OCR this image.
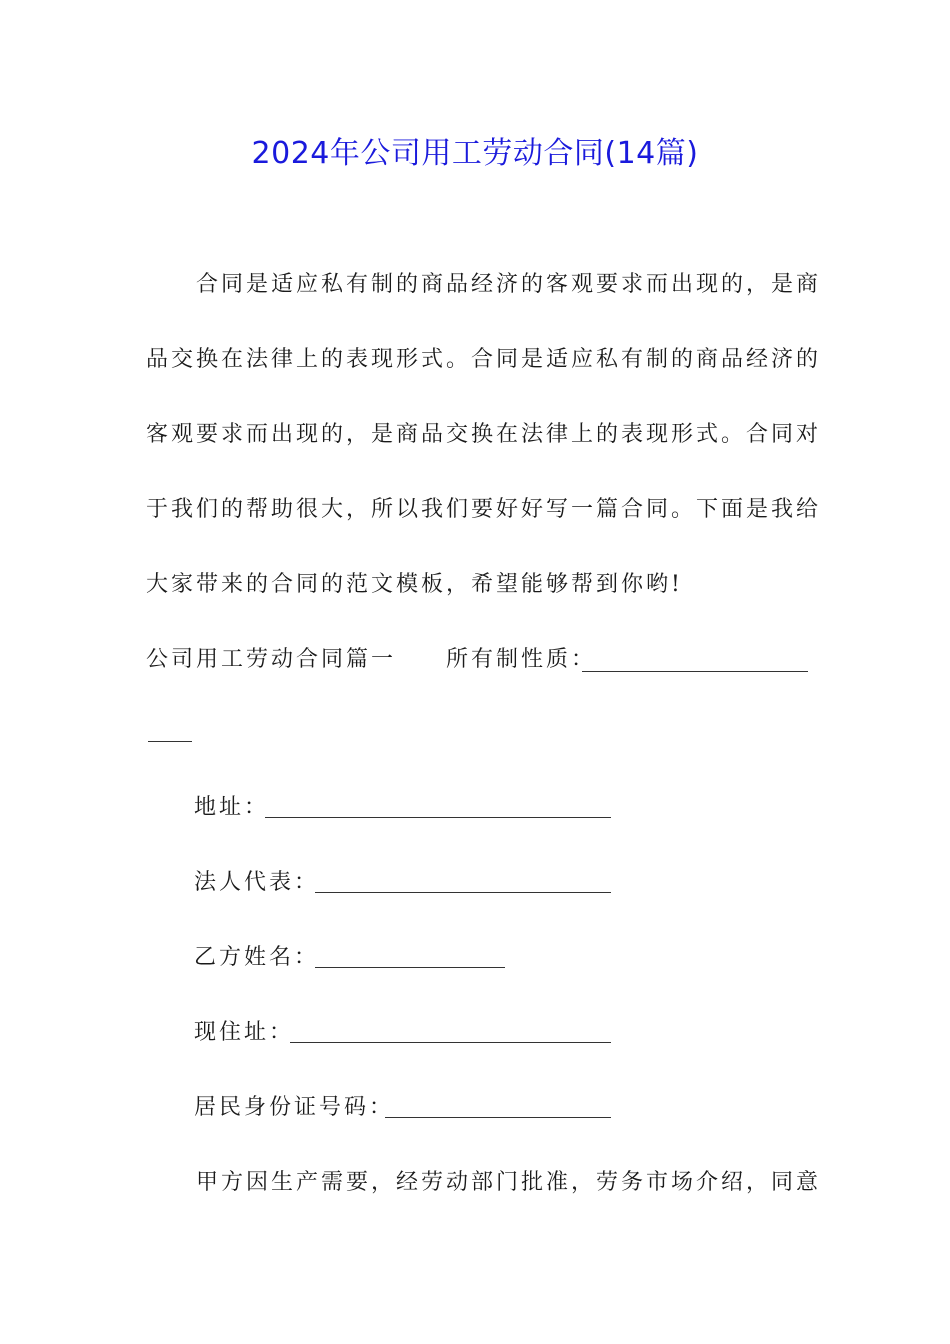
2024年公司用工劳动合同(14篇)
合同是适应私有制的商品经济的客观要求而出现的，是商
品交换在法律上的表现形式。合同是适应私有制的商品经济的
客观要求而出现的，是商品交换在法律上的表现形式。合同对
于我们的帮助很大，所以我们要好好写一篇合同。下面是我给
大家带来的合同的范文模板，希望能够帮到你哟!
公司用工劳动合同篇一 所有制性质：
地址：
法人代表：
乙方姓名：
现住址：
居民身份证号码：
甲方因生产需要，经劳动部门批准，劳务市场介绍，同意
